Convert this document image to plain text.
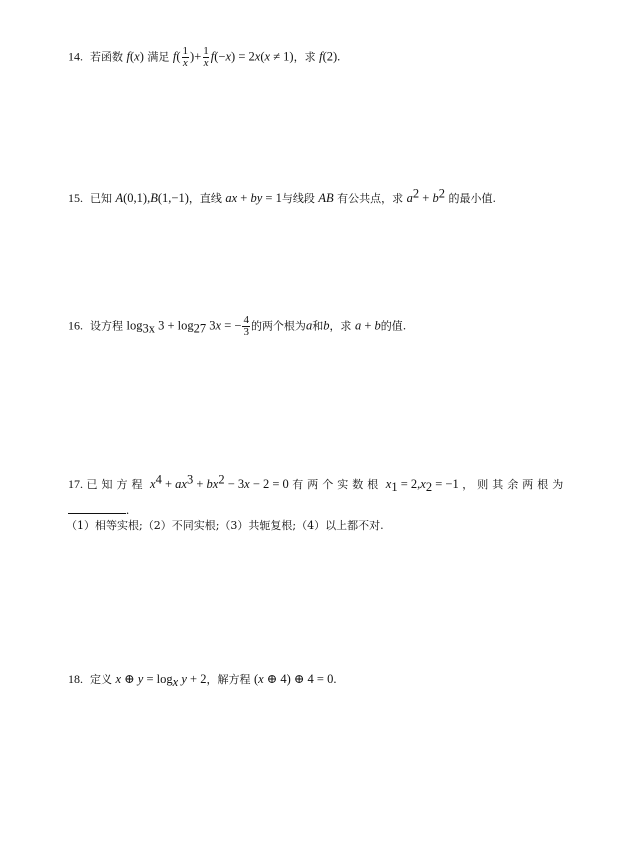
14. 若函数 f(x) 满足 $f( \frac{1}{x}$ )+ $\frac{1}{x} f(-x) = 2x(x \ne 1)$，求 f(2).
15. 已知 A(0,1),B(1,−1)，直线 ax + by = 1与线段 AB 有公共点，求 $a^2 + b^2$ 的最小值.
16. 设方程 $\log_{3x} 3 + \log_{27} 3x$ = − $\frac{4}{3}$ 的两个根为a和b，求 a + b的值.
17. 已知方程 $x^4 + ax^3 + bx^2 - 3x - 2 = 0$ 有两个实数根 $x_1 = 2,x_2 = -1$ ，则其余两根为
.
（1）相等实根;（2）不同实根;（3）共轭复根;（4）以上都不对.
18. 定义 x ⊕ $y = \log_x y + 2$，解方程 (x ⊕ 4) ⊕ 4 = 0.
